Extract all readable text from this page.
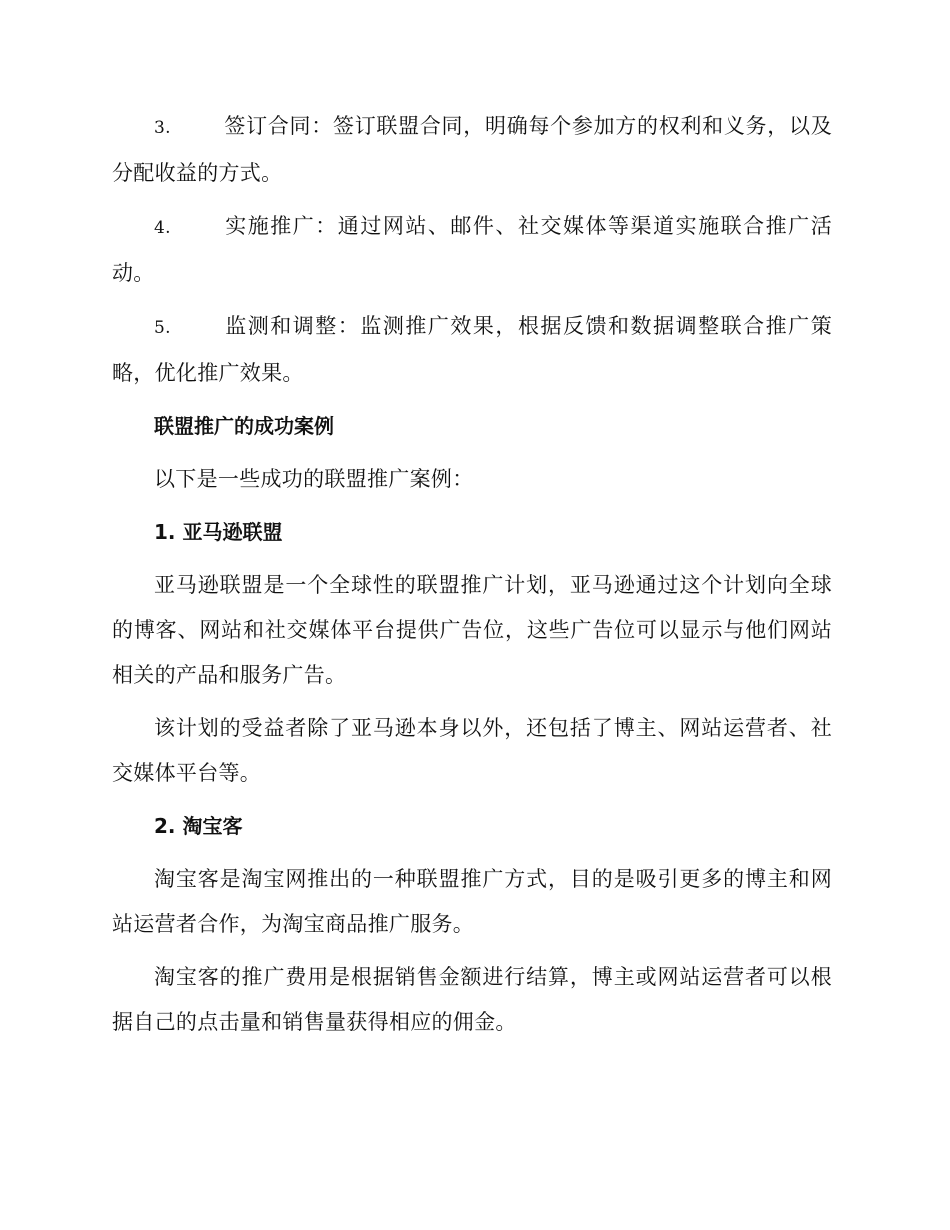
3.	签订合同：签订联盟合同，明确每个参加方的权利和义务，以及分配收益的方式。

4.	实施推广：通过网站、邮件、社交媒体等渠道实施联合推广活动。

5.	监测和调整：监测推广效果，根据反馈和数据调整联合推广策略，优化推广效果。

联盟推广的成功案例

以下是一些成功的联盟推广案例：

1. 亚马逊联盟

亚马逊联盟是一个全球性的联盟推广计划，亚马逊通过这个计划向全球的博客、网站和社交媒体平台提供广告位，这些广告位可以显示与他们网站相关的产品和服务广告。

该计划的受益者除了亚马逊本身以外，还包括了博主、网站运营者、社交媒体平台等。

2. 淘宝客

淘宝客是淘宝网推出的一种联盟推广方式，目的是吸引更多的博主和网站运营者合作，为淘宝商品推广服务。

淘宝客的推广费用是根据销售金额进行结算，博主或网站运营者可以根据自己的点击量和销售量获得相应的佣金。
